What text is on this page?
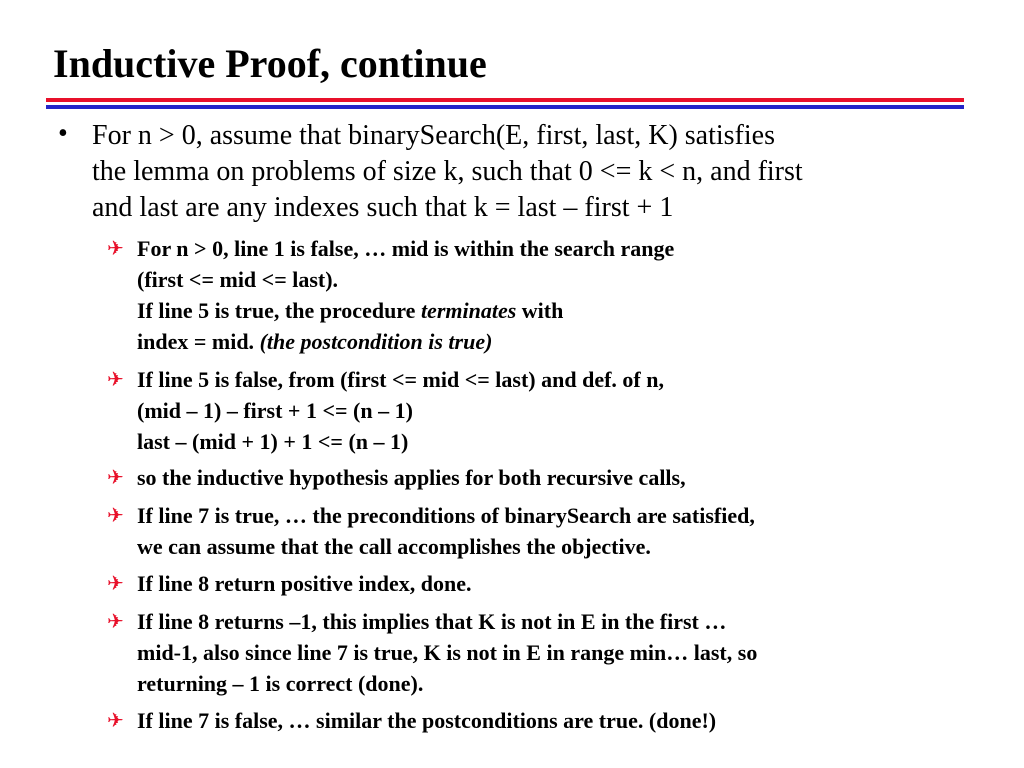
Inductive Proof, continue
• For n > 0, assume that binarySearch(E, first, last, K) satisfies
the lemma on problems of size k, such that 0 <= k < n, and first
and last are any indexes such that k = last – first + 1
✈ For n > 0, line 1 is false, … mid is within the search range
(first <= mid <= last).
If line 5 is true, the procedure terminates with
index = mid. (the postcondition is true)
✈ If line 5 is false, from (first <= mid <= last) and def. of n,
(mid – 1) – first + 1 <= (n – 1)
last – (mid + 1) + 1 <= (n – 1)
✈ so the inductive hypothesis applies for both recursive calls,
✈ If line 7 is true, … the preconditions of binarySearch are satisfied,
we can assume that the call accomplishes the objective.
✈ If line 8 return positive index, done.
✈ If line 8 returns –1, this implies that K is not in E in the first …
mid-1, also since line 7 is true, K is not in E in range min… last, so
returning – 1 is correct (done).
✈ If line 7 is false, … similar the postconditions are true. (done!)
